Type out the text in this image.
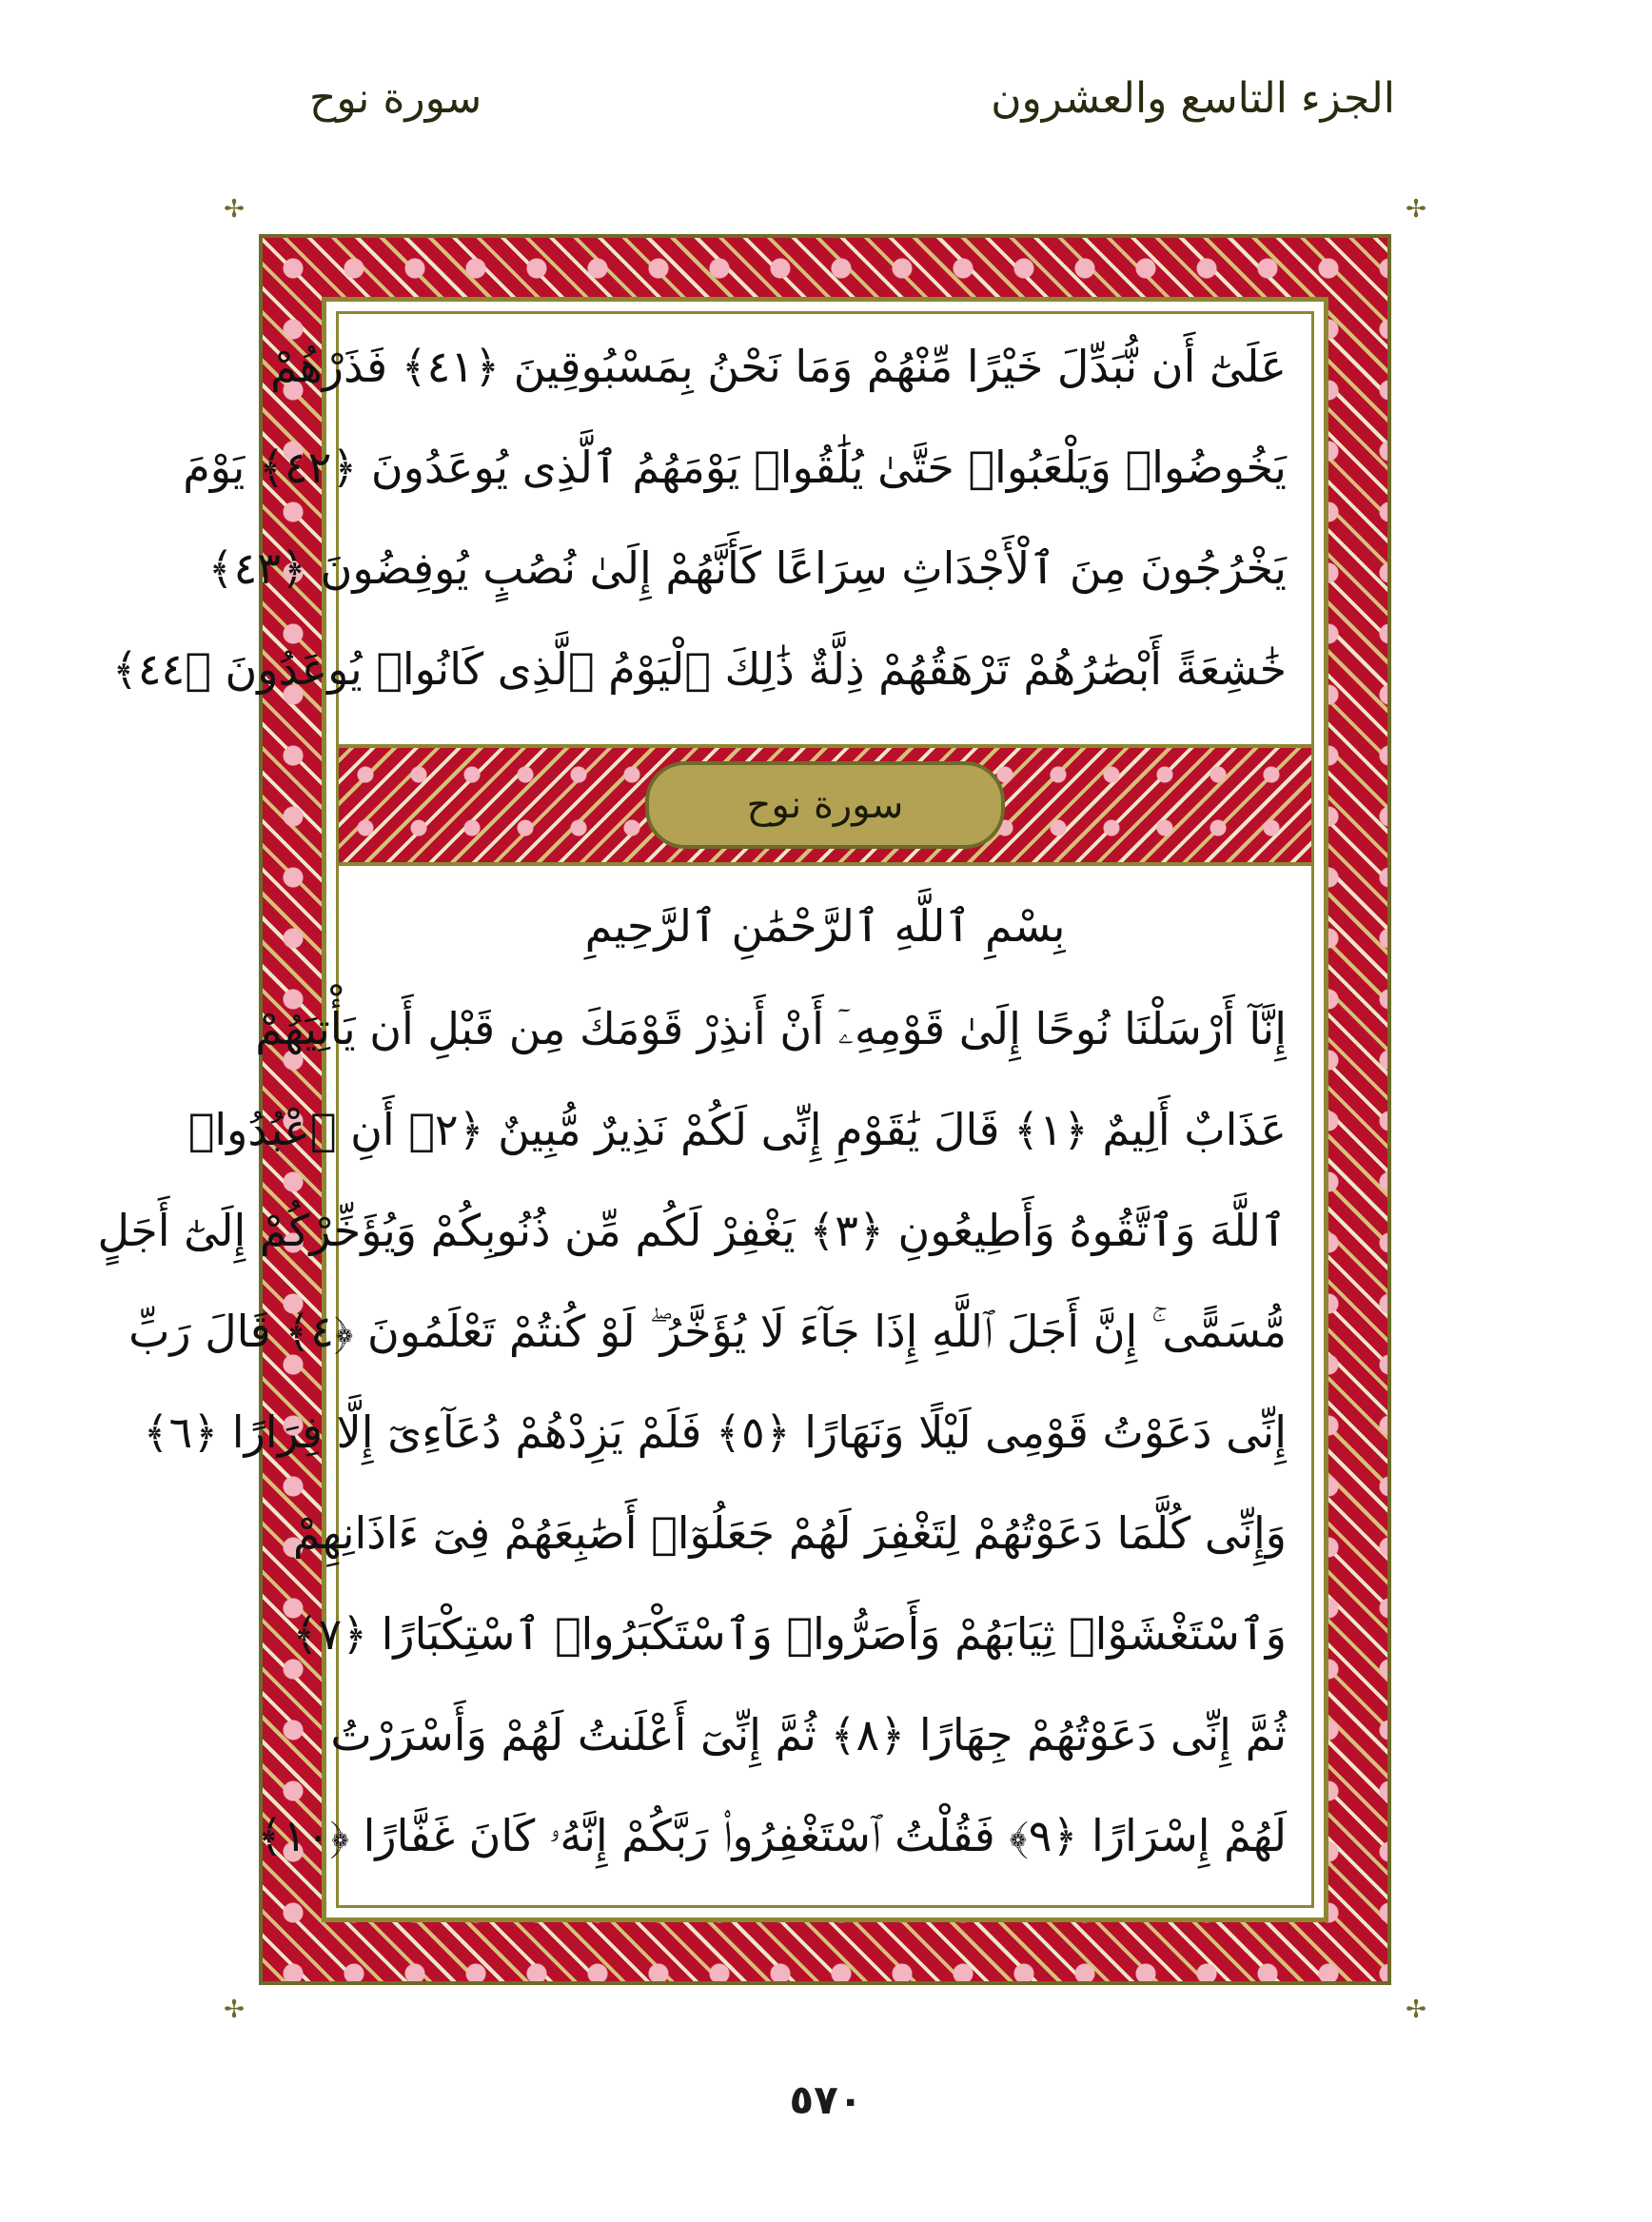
الجزء التاسع والعشرون
سورة نوح
✢	✢
✢	✢
عَلَىٰٓ أَن نُّبَدِّلَ خَيْرًا مِّنْهُمْ وَمَا نَحْنُ بِمَسْبُوقِينَ ﴿٤١﴾ فَذَرْهُمْ
يَخُوضُوا۟ وَيَلْعَبُوا۟ حَتَّىٰ يُلَٰقُوا۟ يَوْمَهُمُ ٱلَّذِى يُوعَدُونَ ﴿٤٢﴾ يَوْمَ
يَخْرُجُونَ مِنَ ٱلْأَجْدَاثِ سِرَاعًا كَأَنَّهُمْ إِلَىٰ نُصُبٍ يُوفِضُونَ ﴿٤٣﴾
خَٰشِعَةً أَبْصَٰرُهُمْ تَرْهَقُهُمْ ذِلَّةٌ ذَٰلِكَ ٱلْيَوْمُ ٱلَّذِى كَانُوا۟ يُوعَدُونَ ﴿٤٤﴾
سورة نوح
بِسْمِ ٱللَّهِ ٱلرَّحْمَٰنِ ٱلرَّحِيمِ
إِنَّآ أَرْسَلْنَا نُوحًا إِلَىٰ قَوْمِهِۦٓ أَنْ أَنذِرْ قَوْمَكَ مِن قَبْلِ أَن يَأْتِيَهُمْ
عَذَابٌ أَلِيمٌ ﴿١﴾ قَالَ يَٰقَوْمِ إِنِّى لَكُمْ نَذِيرٌ مُّبِينٌ ﴿٢﴾ أَنِ ٱعْبُدُوا۟
ٱللَّهَ وَٱتَّقُوهُ وَأَطِيعُونِ ﴿٣﴾ يَغْفِرْ لَكُم مِّن ذُنُوبِكُمْ وَيُؤَخِّرْكُمْ إِلَىٰٓ أَجَلٍ
مُّسَمًّى ۚ إِنَّ أَجَلَ ٱللَّهِ إِذَا جَآءَ لَا يُؤَخَّرُ ۖ لَوْ كُنتُمْ تَعْلَمُونَ ﴿٤﴾ قَالَ رَبِّ
إِنِّى دَعَوْتُ قَوْمِى لَيْلًا وَنَهَارًا ﴿٥﴾ فَلَمْ يَزِدْهُمْ دُعَآءِىٓ إِلَّا فِرَارًا ﴿٦﴾
وَإِنِّى كُلَّمَا دَعَوْتُهُمْ لِتَغْفِرَ لَهُمْ جَعَلُوٓا۟ أَصَٰبِعَهُمْ فِىٓ ءَاذَانِهِمْ
وَٱسْتَغْشَوْا۟ ثِيَابَهُمْ وَأَصَرُّوا۟ وَٱسْتَكْبَرُوا۟ ٱسْتِكْبَارًا ﴿٧﴾
ثُمَّ إِنِّى دَعَوْتُهُمْ جِهَارًا ﴿٨﴾ ثُمَّ إِنِّىٓ أَعْلَنتُ لَهُمْ وَأَسْرَرْتُ
لَهُمْ إِسْرَارًا ﴿٩﴾ فَقُلْتُ ٱسْتَغْفِرُوا۟ رَبَّكُمْ إِنَّهُۥ كَانَ غَفَّارًا ﴿١٠﴾
٥٧٠
